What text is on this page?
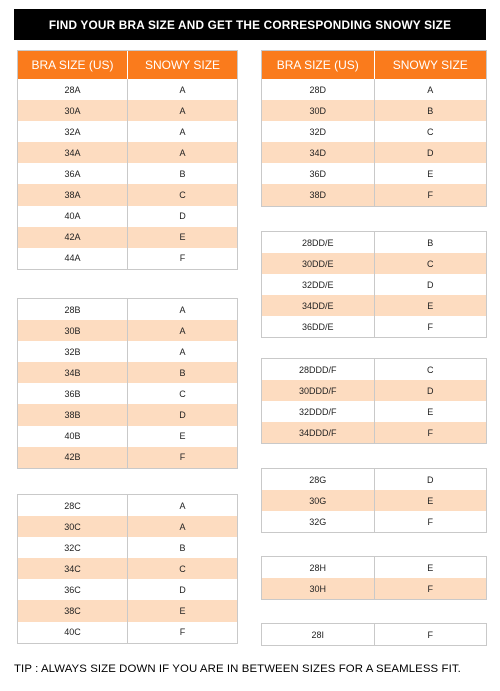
FIND YOUR BRA SIZE AND GET THE CORRESPONDING SNOWY SIZE
BRA SIZE (US)	SNOWY SIZE
28A	A
30A	A
32A	A
34A	A
36A	B
38A	C
40A	D
42A	E
44A	F
28B	A
30B	A
32B	A
34B	B
36B	C
38B	D
40B	E
42B	F
28C	A
30C	A
32C	B
34C	C
36C	D
38C	E
40C	F
BRA SIZE (US)	SNOWY SIZE
28D	A
30D	B
32D	C
34D	D
36D	E
38D	F
28DD/E	B
30DD/E	C
32DD/E	D
34DD/E	E
36DD/E	F
28DDD/F	C
30DDD/F	D
32DDD/F	E
34DDD/F	F
28G	D
30G	E
32G	F
28H	E
30H	F
28I	F
TIP : ALWAYS SIZE DOWN IF YOU ARE IN BETWEEN SIZES FOR A SEAMLESS FIT.
